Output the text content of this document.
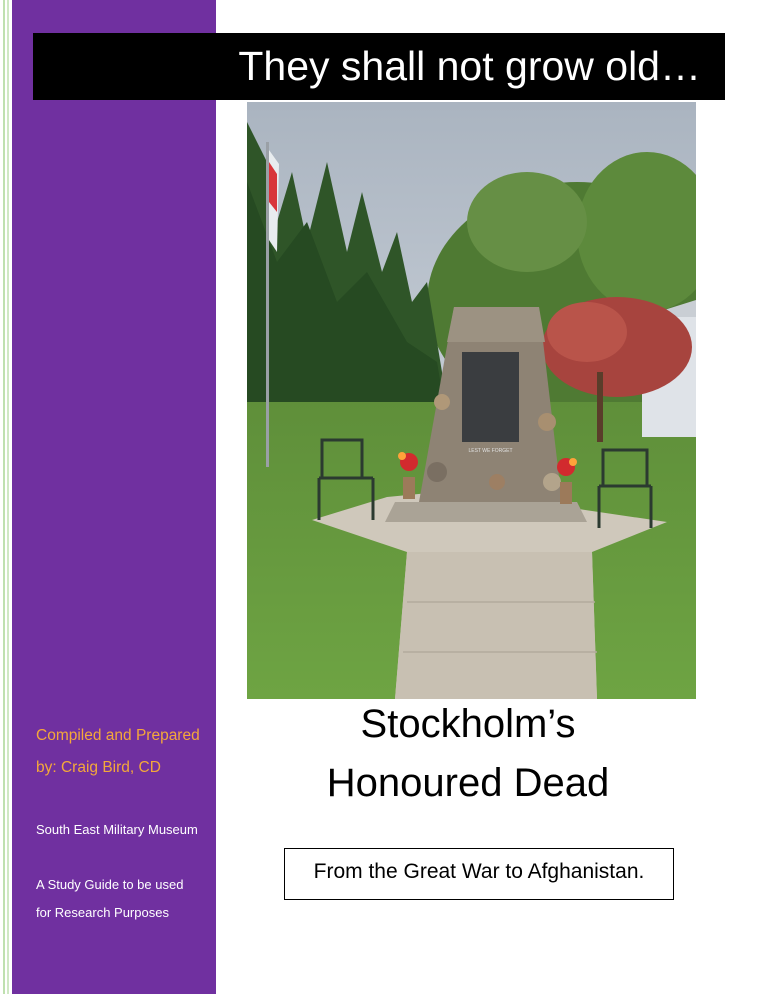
They shall not grow old…
LEST WE FORGET
Compiled and Prepared
by: Craig Bird, CD
South East Military Museum
A Study Guide to be used
for Research Purposes
Stockholm’s
Honoured Dead
From the Great War to Afghanistan.
